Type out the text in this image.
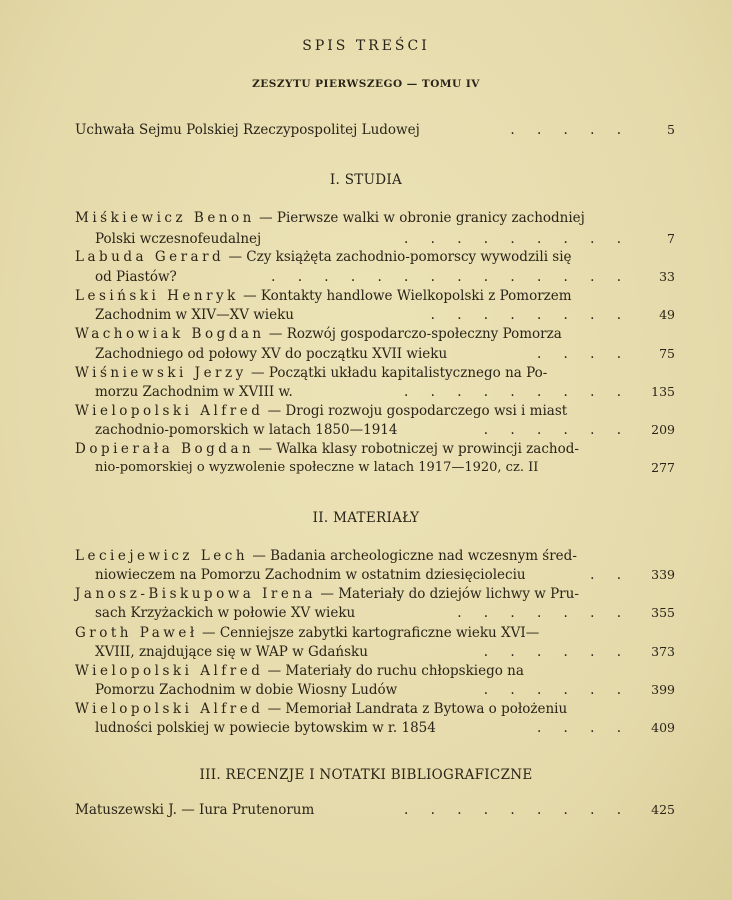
SPIS TREŚCI
ZESZYTU PIERWSZEGO — TOMU IV
Uchwała Sejmu Polskiej Rzeczypospolitej Ludowej	. . . . .	5
I. STUDIA
Miśkiewicz Benon — Pierwsze walki w obronie granicy zachodniej
Polski wczesnofeudalnej	. . . . . . . . .	7
Labuda Gerard — Czy książęta zachodnio-pomorscy wywodzili się
od Piastów?	. . . . . . . . . . . . . .	33
Lesiński Henryk — Kontakty handlowe Wielkopolski z Pomorzem
Zachodnim w XIV—XV wieku	. . . . . . . .	49
Wachowiak Bogdan — Rozwój gospodarczo-społeczny Pomorza
Zachodniego od połowy XV do początku XVII wieku	. . . .	75
Wiśniewski Jerzy — Początki układu kapitalistycznego na Po-
morzu Zachodnim w XVIII w.	. . . . . . . . .	135
Wielopolski Alfred — Drogi rozwoju gospodarczego wsi i miast
zachodnio-pomorskich w latach 1850—1914	. . . . . .	209
Dopierała Bogdan — Walka klasy robotniczej w prowincji zachod-
nio-pomorskiej o wyzwolenie społeczne w latach 1917—1920, cz. II	277
II. MATERIAŁY
Leciejewicz Lech — Badania archeologiczne nad wczesnym śred-
niowieczem na Pomorzu Zachodnim w ostatnim dziesięcioleciu	. .	339
Janosz-Biskupowa Irena — Materiały do dziejów lichwy w Pru-
sach Krzyżackich w połowie XV wieku	. . . . . . .	355
Groth Paweł — Cenniejsze zabytki kartograficzne wieku XVI—
XVIII, znajdujące się w WAP w Gdańsku	. . . . . .	373
Wielopolski Alfred — Materiały do ruchu chłopskiego na
Pomorzu Zachodnim w dobie Wiosny Ludów	. . . . . .	399
Wielopolski Alfred — Memoriał Landrata z Bytowa o położeniu
ludności polskiej w powiecie bytowskim w r. 1854	. . . .	409
III. RECENZJE I NOTATKI BIBLIOGRAFICZNE
Matuszewski J. — Iura Prutenorum	. . . . . . . . .	425
